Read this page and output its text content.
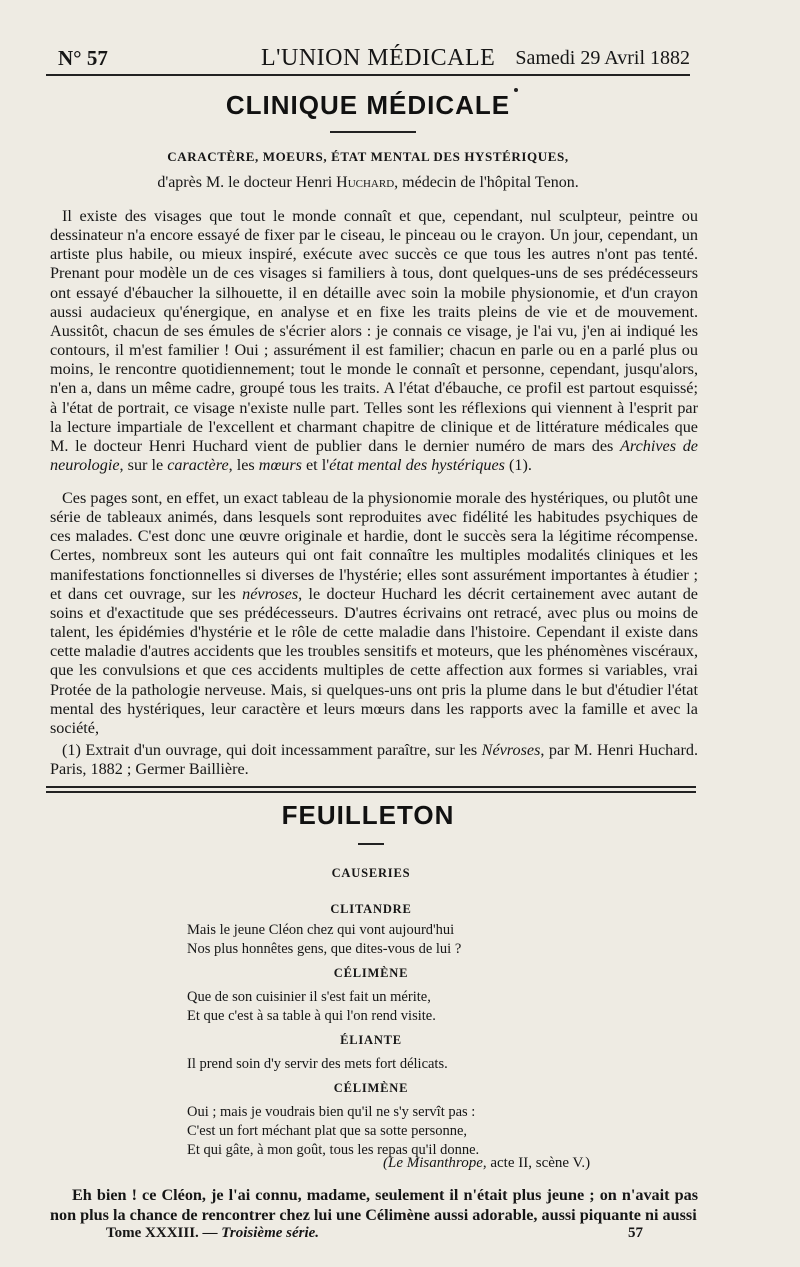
N° 57	L'UNION MÉDICALE Samedi 29 Avril 1882
CLINIQUE MÉDICALE
CARACTÈRE, MOEURS, ÉTAT MENTAL DES HYSTÉRIQUES,
d'après M. le docteur Henri Huchard, médecin de l'hôpital Tenon.

Il existe des visages que tout le monde connaît et que, cependant, nul sculpteur, peintre ou dessinateur n'a encore essayé de fixer par le ciseau, le pinceau ou le crayon. Un jour, cependant, un artiste plus habile, ou mieux inspiré, exécute avec succès ce que tous les autres n'ont pas tenté. Prenant pour modèle un de ces visages si familiers à tous, dont quelques-uns de ses prédécesseurs ont essayé d'ébaucher la silhouette, il en détaille avec soin la mobile physionomie, et d'un crayon aussi audacieux qu'énergique, en analyse et en fixe les traits pleins de vie et de mouvement. Aussitôt, chacun de ses émules de s'écrier alors : je connais ce visage, je l'ai vu, j'en ai indiqué les contours, il m'est familier ! Oui ; assurément il est familier; chacun en parle ou en a parlé plus ou moins, le rencontre quotidiennement; tout le monde le connaît et personne, cependant, jusqu'alors, n'en a, dans un même cadre, groupé tous les traits. A l'état d'ébauche, ce profil est partout esquissé; à l'état de portrait, ce visage n'existe nulle part. Telles sont les réflexions qui viennent à l'esprit par la lecture impartiale de l'excellent et charmant chapitre de clinique et de littérature médicales que M. le docteur Henri Huchard vient de publier dans le dernier numéro de mars des Archives de neurologie, sur le caractère, les mœurs et l'état mental des hystériques (1).

Ces pages sont, en effet, un exact tableau de la physionomie morale des hystériques, ou plutôt une série de tableaux animés, dans lesquels sont reproduites avec fidélité les habitudes psychiques de ces malades. C'est donc une œuvre originale et hardie, dont le succès sera la légitime récompense. Certes, nombreux sont les auteurs qui ont fait connaître les multiples modalités cliniques et les manifestations fonctionnelles si diverses de l'hystérie; elles sont assurément importantes à étudier ; et dans cet ouvrage, sur les névroses, le docteur Huchard les décrit certainement avec autant de soins et d'exactitude que ses prédécesseurs. D'autres écrivains ont retracé, avec plus ou moins de talent, les épidémies d'hystérie et le rôle de cette maladie dans l'histoire. Cependant il existe dans cette maladie d'autres accidents que les troubles sensitifs et moteurs, que les phénomènes viscéraux, que les convulsions et que ces accidents multiples de cette affection aux formes si variables, vrai Protée de la pathologie nerveuse. Mais, si quelques-uns ont pris la plume dans le but d'étudier l'état mental des hystériques, leur caractère et leurs mœurs dans les rapports avec la famille et avec la société,

(1) Extrait d'un ouvrage, qui doit incessamment paraître, sur les Névroses, par M. Henri Huchard. Paris, 1882 ; Germer Baillière.

FEUILLETON
CAUSERIES
CLITANDRE
Mais le jeune Cléon chez qui vont aujourd'hui
Nos plus honnêtes gens, que dites-vous de lui ?
CÉLIMÈNE
Que de son cuisinier il s'est fait un mérite,
Et que c'est à sa table à qui l'on rend visite.
ÉLIANTE
Il prend soin d'y servir des mets fort délicats.
CÉLIMÈNE
Oui ; mais je voudrais bien qu'il ne s'y servît pas :
C'est un fort méchant plat que sa sotte personne,
Et qui gâte, à mon goût, tous les repas qu'il donne.
(Le Misanthrope, acte II, scène V.)

Eh bien ! ce Cléon, je l'ai connu, madame, seulement il n'était plus jeune ; on n'avait pas non plus la chance de rencontrer chez lui une Célimène aussi adorable, aussi piquante ni aussi

Tome XXXIII. — Troisième série.	57
